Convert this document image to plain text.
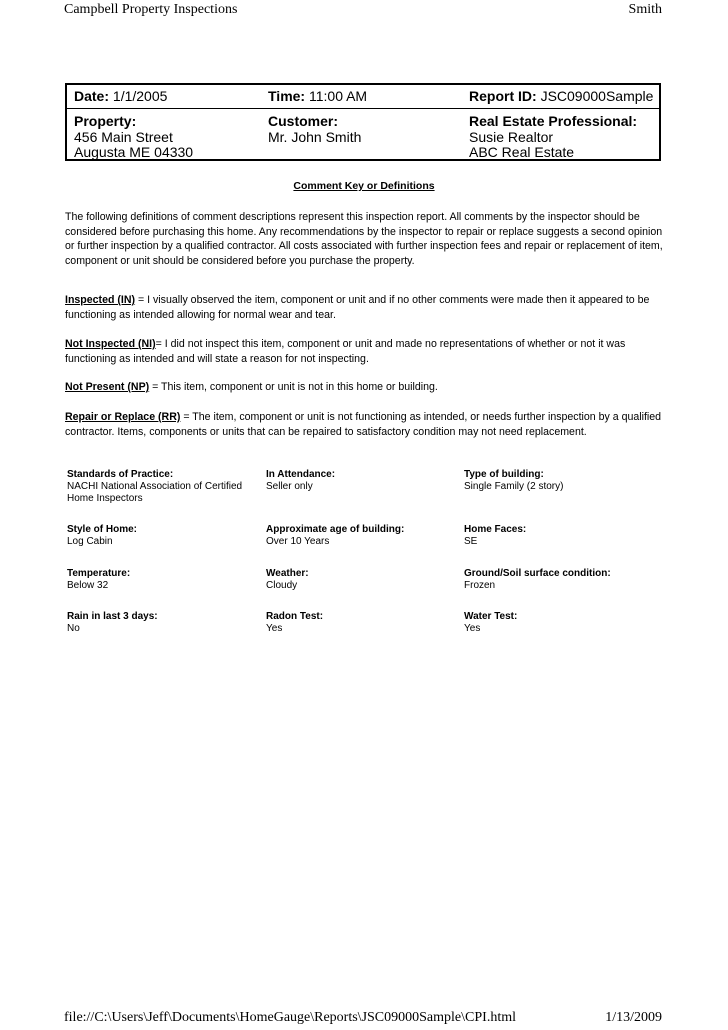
Campbell Property Inspections	Smith
Date: 1/1/2005	Time: 11:00 AM	Report ID: JSC09000Sample
Property:
456 Main Street
Augusta ME 04330
Customer:
Mr. John Smith
Real Estate Professional:
Susie Realtor
ABC Real Estate
Comment Key or Definitions
The following definitions of comment descriptions represent this inspection report. All comments by the inspector should be considered before purchasing this home. Any recommendations by the inspector to repair or replace suggests a second opinion or further inspection by a qualified contractor. All costs associated with further inspection fees and repair or replacement of item, component or unit should be considered before you purchase the property.
Inspected (IN) = I visually observed the item, component or unit and if no other comments were made then it appeared to be functioning as intended allowing for normal wear and tear.
Not Inspected (NI)= I did not inspect this item, component or unit and made no representations of whether or not it was functioning as intended and will state a reason for not inspecting.
Not Present (NP) = This item, component or unit is not in this home or building.
Repair or Replace (RR) = The item, component or unit is not functioning as intended, or needs further inspection by a qualified contractor. Items, components or units that can be repaired to satisfactory condition may not need replacement.
Standards of Practice:
NACHI National Association of Certified Home Inspectors
In Attendance:
Seller only
Type of building:
Single Family (2 story)
Style of Home:
Log Cabin
Approximate age of building:
Over 10 Years
Home Faces:
SE
Temperature:
Below 32
Weather:
Cloudy
Ground/Soil surface condition:
Frozen
Rain in last 3 days:
No
Radon Test:
Yes
Water Test:
Yes
file://C:\Users\Jeff\Documents\HomeGauge\Reports\JSC09000Sample\CPI.html	1/13/2009
